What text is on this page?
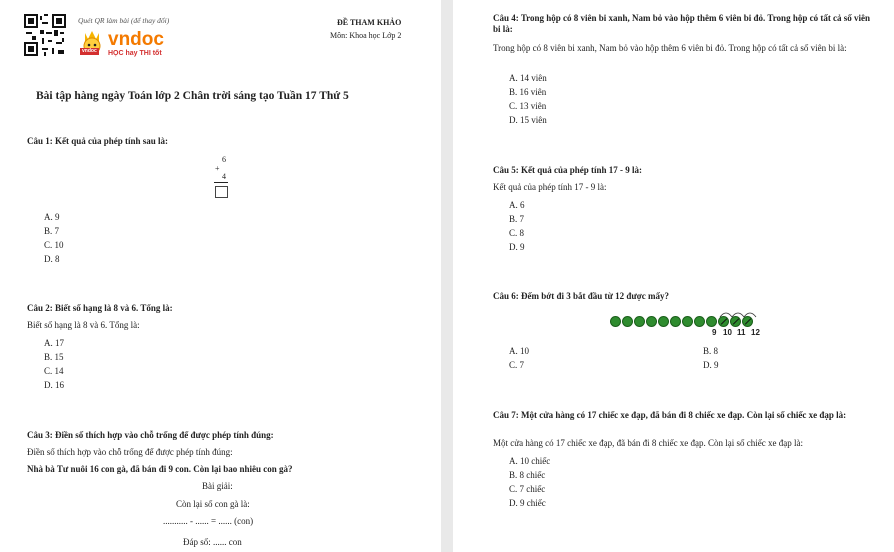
Quét QR làm bài (để thay đổi)
vndoc
vndoc
HỌC hay THI tốt
ĐỀ THAM KHẢO
Môn: Khoa học Lớp 2
Bài tập hàng ngày Toán lớp 2 Chân trời sáng tạo Tuần 17 Thứ 5
Câu 1: Kết quả của phép tính sau là:
6
+
4
A. 9
B. 7
C. 10
D. 8
Câu 2: Biết số hạng là 8 và 6. Tổng là:
Biết số hạng là 8 và 6. Tổng là:
A. 17
B. 15
C. 14
D. 16
Câu 3: Điền số thích hợp vào chỗ trống để được phép tính đúng:
Điền số thích hợp vào chỗ trống để được phép tính đúng:
Nhà bà Tư nuôi 16 con gà, đã bán đi 9 con. Còn lại bao nhiêu con gà?
Bài giải:
Còn lại số con gà là:
........... - ...... = ...... (con)
Đáp số: ...... con
Câu 4: Trong hộp có 8 viên bi xanh, Nam bỏ vào hộp thêm 6 viên bi đỏ. Trong hộp có tất cả số viên bi là:
Trong hộp có 8 viên bi xanh, Nam bỏ vào hộp thêm 6 viên bi đỏ. Trong hộp có tất cả số viên bi là:
A. 14 viên
B. 16 viên
C. 13 viên
D. 15 viên
Câu 5: Kết quả của phép tính 17 - 9 là:
Kết quả của phép tính 17 - 9 là:
A. 6
B. 7
C. 8
D. 9
Câu 6: Đếm bớt đi 3 bắt đầu từ 12 được mấy?
9 10 11 12
A. 10	B. 8
C. 7	D. 9
Câu 7: Một cửa hàng có 17 chiếc xe đạp, đã bán đi 8 chiếc xe đạp. Còn lại số chiếc xe đạp là:
Một cửa hàng có 17 chiếc xe đạp, đã bán đi 8 chiếc xe đạp. Còn lại số chiếc xe đạp là:
A. 10 chiếc
B. 8 chiếc
C. 7 chiếc
D. 9 chiếc
